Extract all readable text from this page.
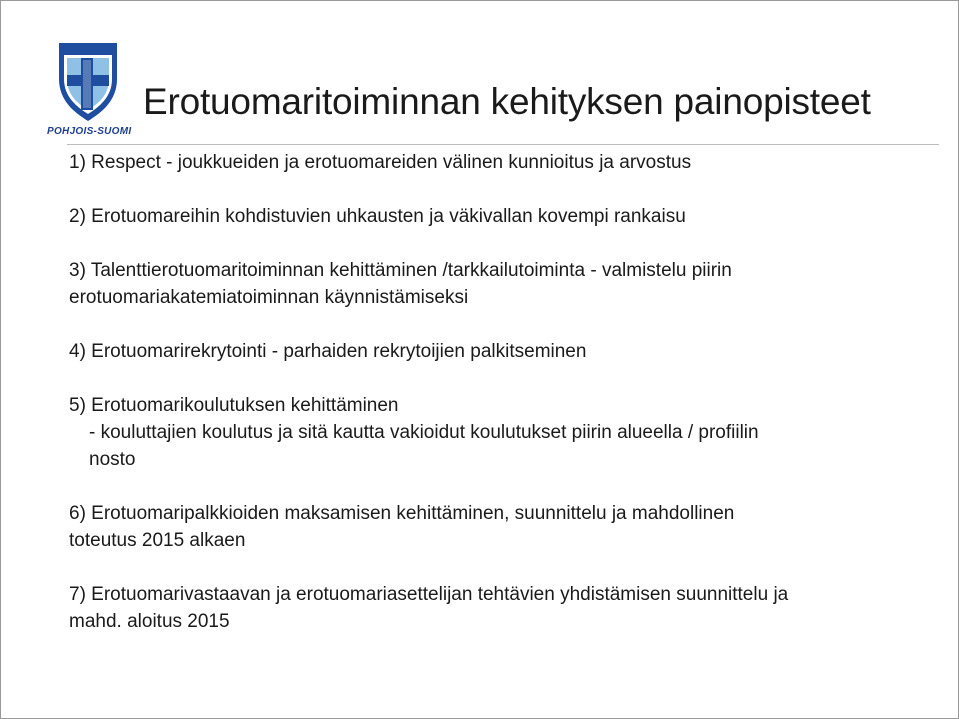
POHJOIS-SUOMI
Erotuomaritoiminnan kehityksen painopisteet
1) Respect - joukkueiden ja erotuomareiden välinen kunnioitus ja arvostus
2) Erotuomareihin kohdistuvien uhkausten ja väkivallan kovempi rankaisu
3) Talenttierotuomaritoiminnan kehittäminen /tarkkailutoiminta - valmistelu piirin
erotuomariakatemiatoiminnan käynnistämiseksi
4) Erotuomarirekrytointi - parhaiden rekrytoijien palkitseminen
5) Erotuomarikoulutuksen kehittäminen
- kouluttajien koulutus ja sitä kautta vakioidut koulutukset piirin alueella / profiilin
nosto
6) Erotuomaripalkkioiden maksamisen kehittäminen, suunnittelu ja mahdollinen
toteutus 2015 alkaen
7) Erotuomarivastaavan ja erotuomariasettelijan tehtävien yhdistämisen suunnittelu ja
mahd. aloitus 2015
